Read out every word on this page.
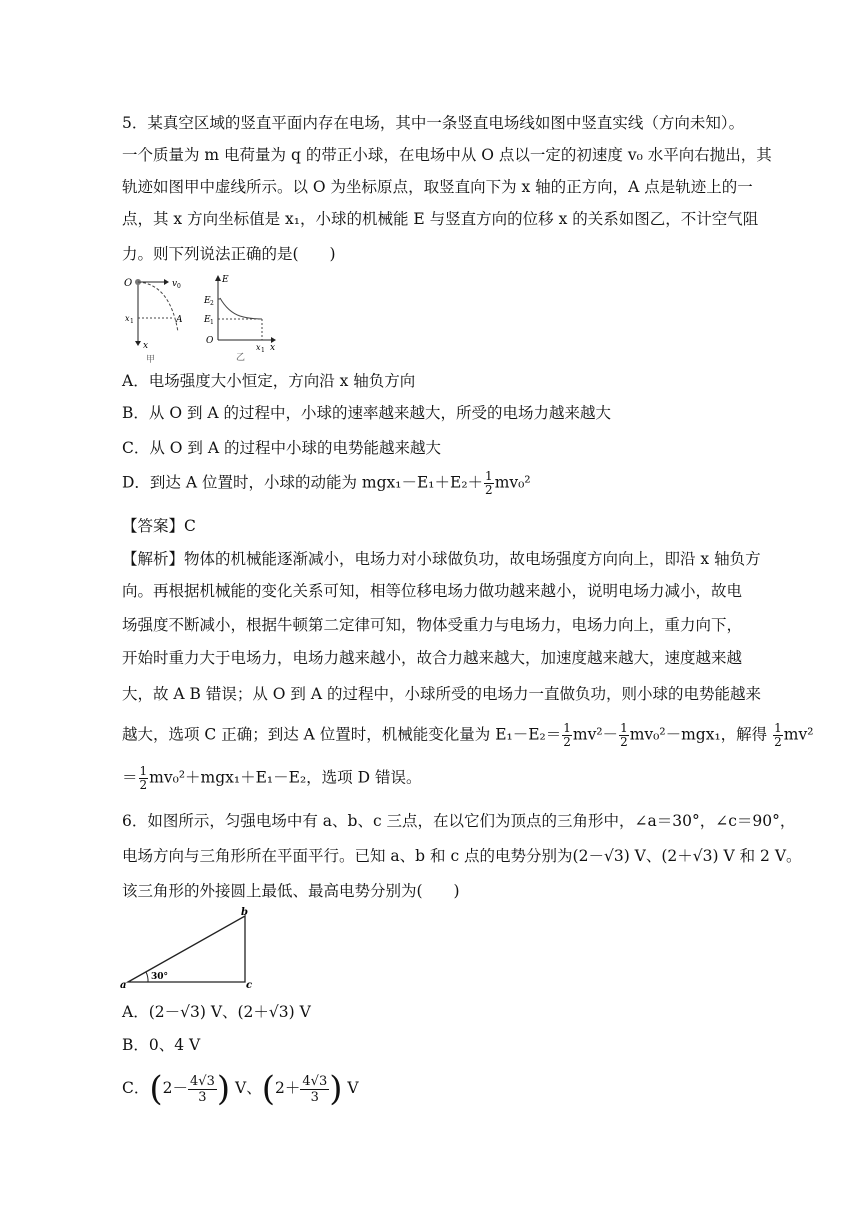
5．某真空区域的竖直平面内存在电场，其中一条竖直电场线如图中竖直实线（方向未知）。
一个质量为 m 电荷量为 q 的带正小球，在电场中从 O 点以一定的初速度 v₀ 水平向右抛出，其
轨迹如图甲中虚线所示。以 O 为坐标原点，取竖直向下为 x 轴的正方向，A 点是轨迹上的一
点，其 x 方向坐标值是 x₁，小球的机械能 E 与竖直方向的位移 x 的关系如图乙，不计空气阻
力。则下列说法正确的是(　　)
O	v 0
A
x 1
x
甲
E
E 2
E 1
O
x 1 x
乙
A．电场强度大小恒定，方向沿 x 轴负方向
B．从 O 到 A 的过程中，小球的速率越来越大，所受的电场力越来越大
C．从 O 到 A 的过程中小球的电势能越来越大
D．到达 A 位置时，小球的动能为 $mgx_1-E_1+E_2+ \frac{1}{2} mv_0^2$
【答案】C
【解析】物体的机械能逐渐减小，电场力对小球做负功，故电场强度方向向上，即沿 x 轴负方
向。再根据机械能的变化关系可知，相等位移电场力做功越来越小，说明电场力减小，故电
场强度不断减小，根据牛顿第二定律可知，物体受重力与电场力，电场力向上，重力向下，
开始时重力大于电场力，电场力越来越小，故合力越来越大，加速度越来越大，速度越来越
大，故 A B 错误；从 O 到 A 的过程中，小球所受的电场力一直做负功，则小球的电势能越来
越大，选项 C 正确；到达 A 位置时，机械能变化量为 $E_1-E_2= \frac{1}{2} mv^2- \frac{1}{2} mv_0^2-mgx_1$，解得 $\frac{1}{2} mv^2$
＝ $\frac{1}{2} mv_0^2+mgx_1+E_1-E_2$，选项 D 错误。
6．如图所示，匀强电场中有 a、b、c 三点，在以它们为顶点的三角形中，∠a＝30°，∠c＝90°，
电场方向与三角形所在平面平行。已知 a、b 和 c 点的电势分别为(2－√3) V、(2＋√3) V 和 2 V。
该三角形的外接圆上最低、最高电势分别为(　　)
30°
a
b
c
A．(2－√3) V、(2＋√3) V
B．0、4 V
C．($2- \frac{4√3}{3}$ ) V、($2+ \frac{4√3}{3}$ ) V
